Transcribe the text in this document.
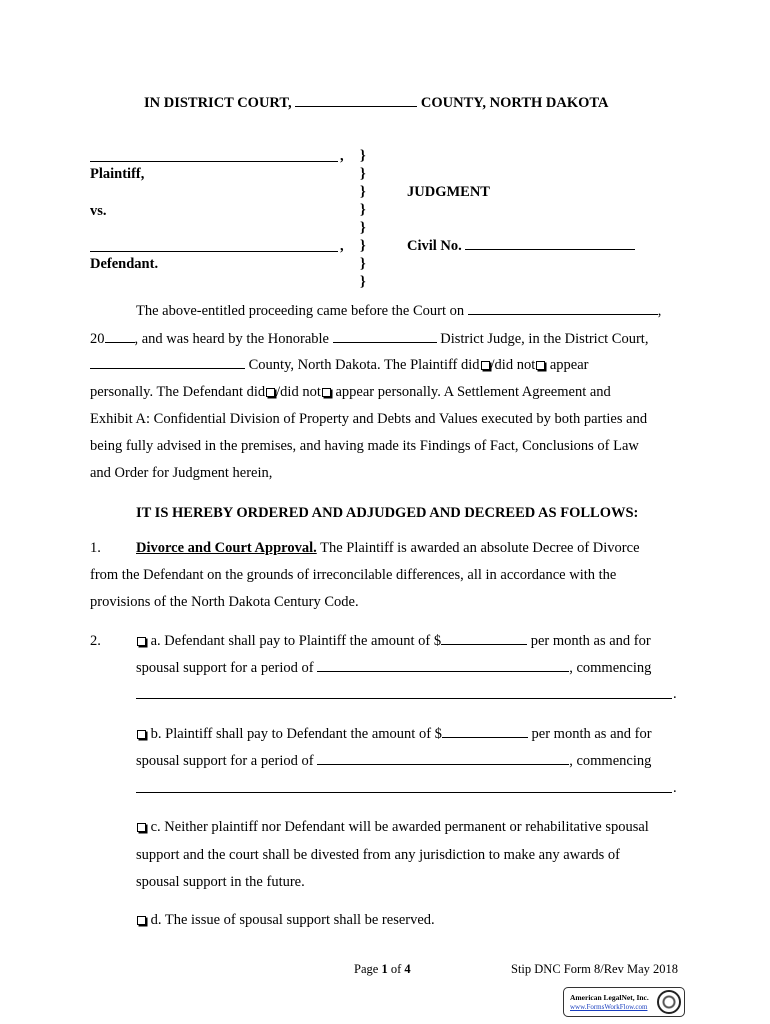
IN DISTRICT COURT,	COUNTY, NORTH DAKOTA
,
Plaintiff,
vs.
,
Defendant.
}
}
}
}
}
}
}
}
JUDGMENT
Civil No.
The above-entitled proceeding came before the Court on	,
20 , and was heard by the Honorable	District Judge, in the District Court,
County, North Dakota. The Plaintiff did /did not appear
personally. The Defendant did /did not appear personally. A Settlement Agreement and
Exhibit A: Confidential Division of Property and Debts and Values executed by both parties and
being fully advised in the premises, and having made its Findings of Fact, Conclusions of Law
and Order for Judgment herein,
IT IS HEREBY ORDERED AND ADJUDGED AND DECREED AS FOLLOWS:
1. Divorce and Court Approval. The Plaintiff is awarded an absolute Decree of Divorce
from the Defendant on the grounds of irreconcilable differences, all in accordance with the
provisions of the North Dakota Century Code.
2.	a. Defendant shall pay to Plaintiff the amount of $	per month as and for
spousal support for a period of	, commencing
.
b. Plaintiff shall pay to Defendant the amount of $	per month as and for
spousal support for a period of	, commencing
.
c. Neither plaintiff nor Defendant will be awarded permanent or rehabilitative spousal
support and the court shall be divested from any jurisdiction to make any awards of
spousal support in the future.
d. The issue of spousal support shall be reserved.
Page 1 of 4	Stip DNC Form 8/Rev May 2018
American LegalNet, Inc.
www.FormsWorkFlow.com
